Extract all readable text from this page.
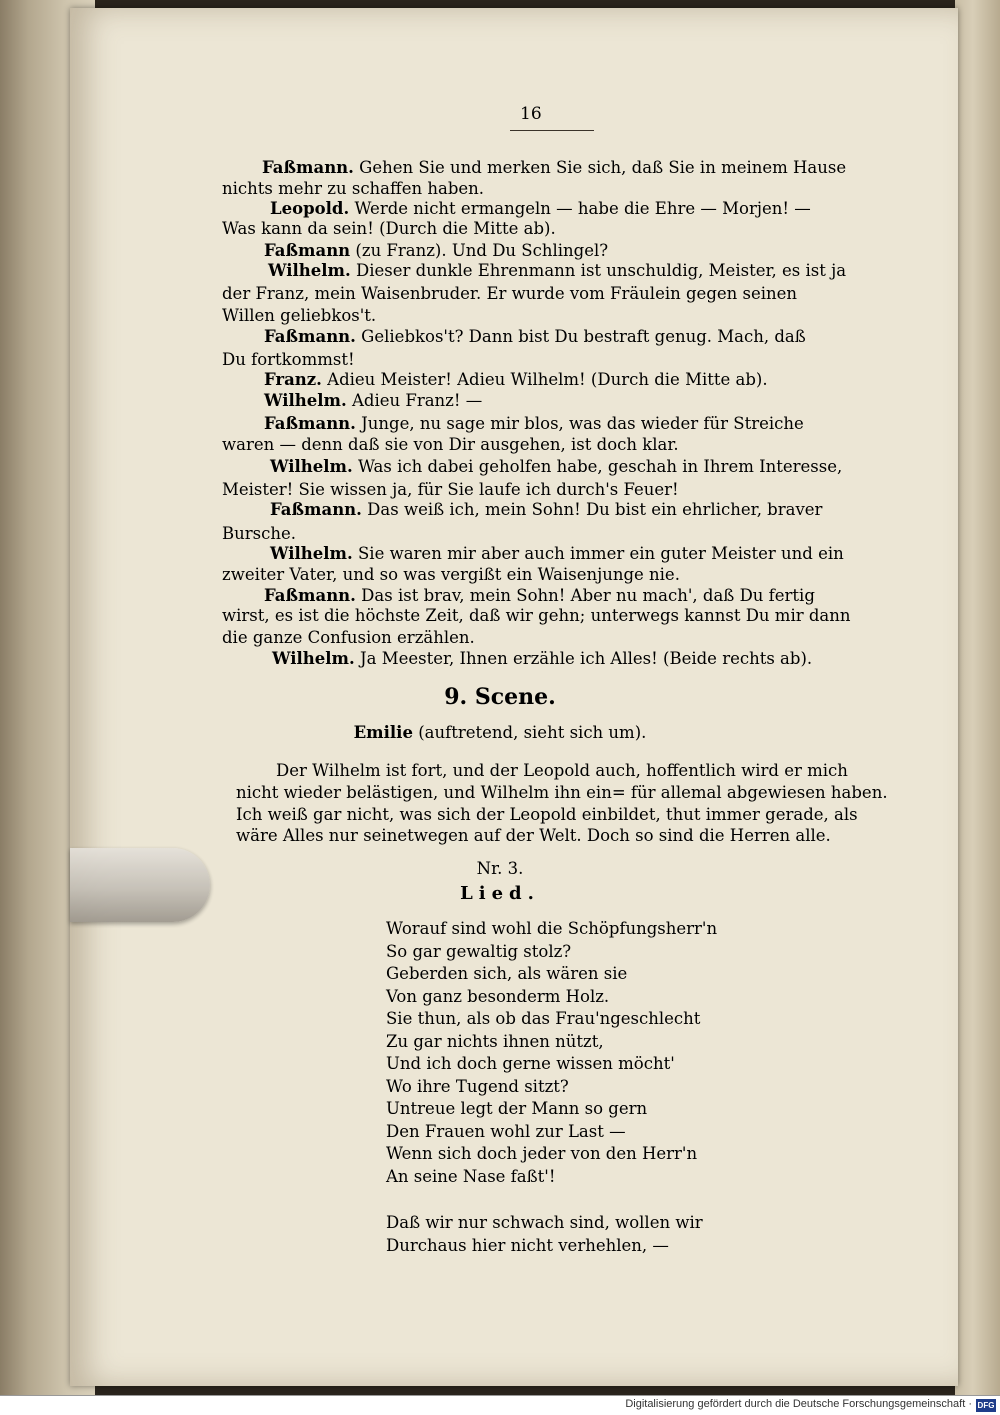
16
Faßmann. Gehen Sie und merken Sie sich, daß Sie in meinem Hause
nichts mehr zu schaffen haben.
Leopold. Werde nicht ermangeln — habe die Ehre — Morjen! —
Was kann da sein! (Durch die Mitte ab).
Faßmann (zu Franz). Und Du Schlingel?
Wilhelm. Dieser dunkle Ehrenmann ist unschuldig, Meister, es ist ja
der Franz, mein Waisenbruder. Er wurde vom Fräulein gegen seinen
Willen geliebkos't.
Faßmann. Geliebkos't? Dann bist Du bestraft genug. Mach, daß
Du fortkommst!
Franz. Adieu Meister! Adieu Wilhelm! (Durch die Mitte ab).
Wilhelm. Adieu Franz! —
Faßmann. Junge, nu sage mir blos, was das wieder für Streiche
waren — denn daß sie von Dir ausgehen, ist doch klar.
Wilhelm. Was ich dabei geholfen habe, geschah in Ihrem Interesse,
Meister! Sie wissen ja, für Sie laufe ich durch's Feuer!
Faßmann. Das weiß ich, mein Sohn! Du bist ein ehrlicher, braver
Bursche.
Wilhelm. Sie waren mir aber auch immer ein guter Meister und ein
zweiter Vater, und so was vergißt ein Waisenjunge nie.
Faßmann. Das ist brav, mein Sohn! Aber nu mach', daß Du fertig
wirst, es ist die höchste Zeit, daß wir gehn; unterwegs kannst Du mir dann
die ganze Confusion erzählen.
Wilhelm. Ja Meester, Ihnen erzähle ich Alles! (Beide rechts ab).
9. Scene.
Emilie (auftretend, sieht sich um).
Der Wilhelm ist fort, und der Leopold auch, hoffentlich wird er mich
nicht wieder belästigen, und Wilhelm ihn ein= für allemal abgewiesen haben.
Ich weiß gar nicht, was sich der Leopold einbildet, thut immer gerade, als
wäre Alles nur seinetwegen auf der Welt. Doch so sind die Herren alle.
Nr. 3.
Lied.
Worauf sind wohl die Schöpfungsherr'n
So gar gewaltig stolz?
Geberden sich, als wären sie
Von ganz besonderm Holz.
Sie thun, als ob das Frau'ngeschlecht
Zu gar nichts ihnen nützt,
Und ich doch gerne wissen möcht'
Wo ihre Tugend sitzt?
Untreue legt der Mann so gern
Den Frauen wohl zur Last —
Wenn sich doch jeder von den Herr'n
An seine Nase faßt'!
Daß wir nur schwach sind, wollen wir
Durchaus hier nicht verhehlen, —
Digitalisierung gefördert durch die Deutsche Forschungsgemeinschaft · DFG
